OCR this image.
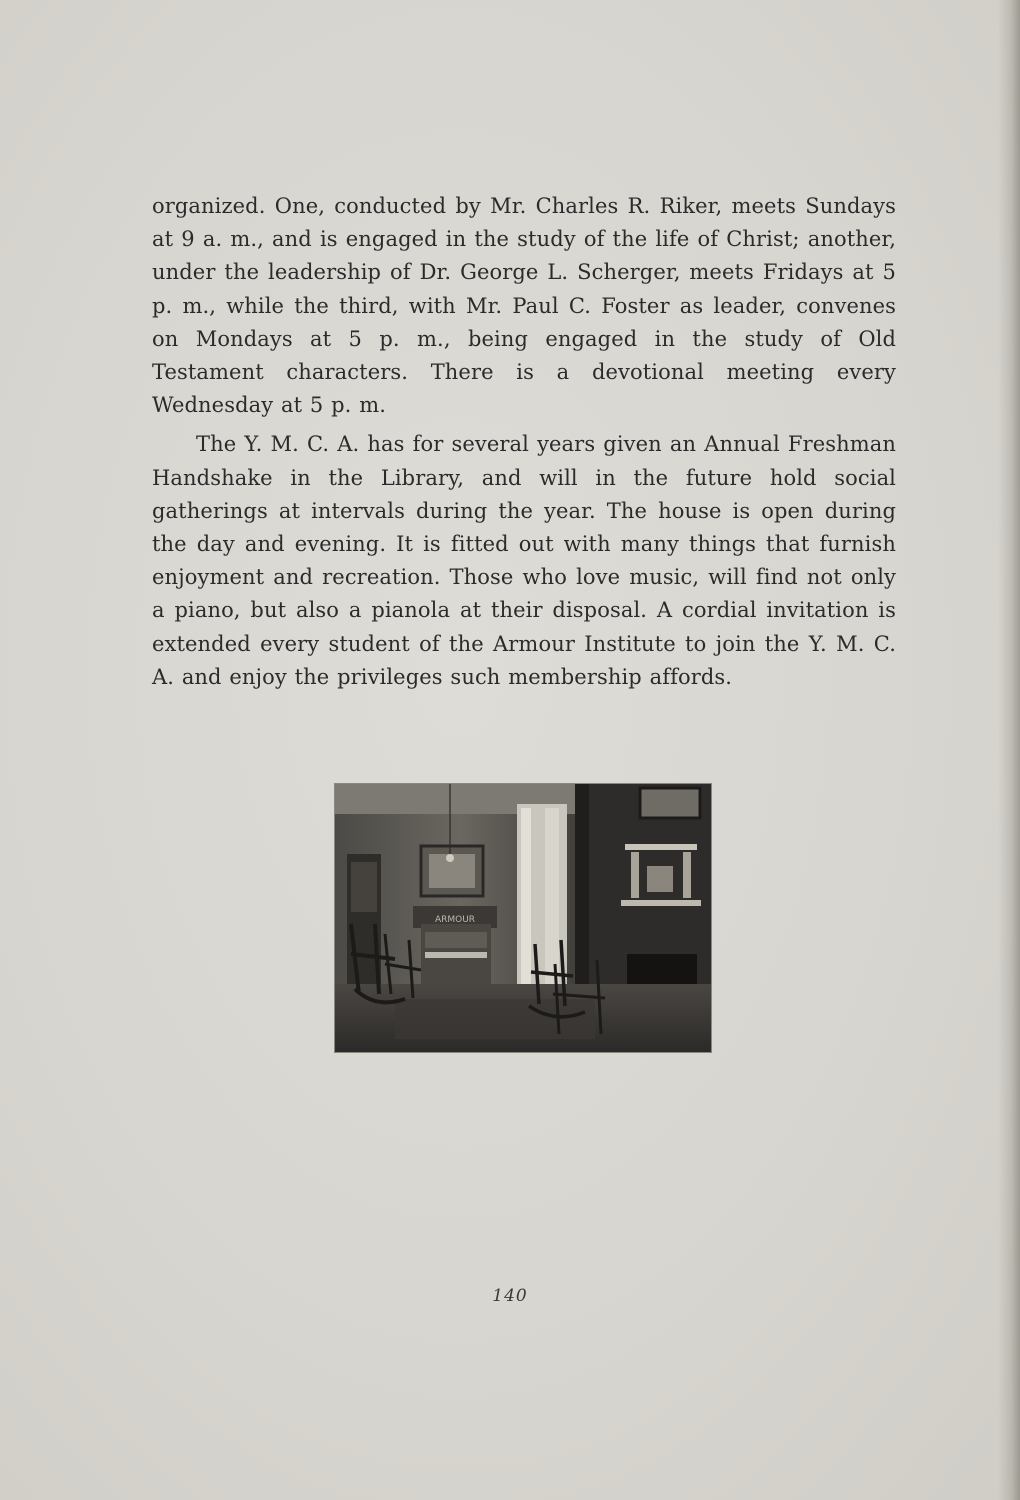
organized. One, conducted by Mr. Charles R. Riker, meets Sundays at 9 a. m., and is engaged in the study of the life of Christ; another, under the leadership of Dr. George L. Scherger, meets Fridays at 5 p. m., while the third, with Mr. Paul C. Foster as leader, convenes on Mondays at 5 p. m., being engaged in the study of Old Testament characters. There is a devotional meeting every Wednesday at 5 p. m.

The Y. M. C. A. has for several years given an Annual Freshman Handshake in the Library, and will in the future hold social gatherings at intervals during the year. The house is open during the day and evening. It is fitted out with many things that furnish enjoyment and recreation. Those who love music, will find not only a piano, but also a pianola at their disposal. A cordial invitation is extended every student of the Armour Institute to join the Y. M. C. A. and enjoy the privileges such membership affords.

ARMOUR
140
